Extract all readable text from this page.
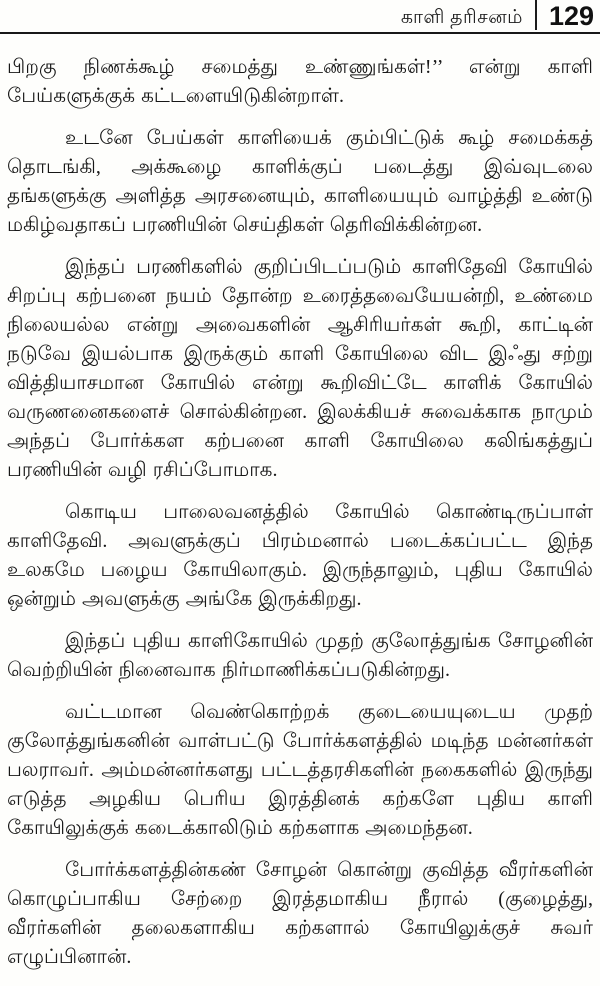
காளி தரிசனம் 129

பிறகு நிணக்கூழ் சமைத்து உண்ணுங்கள்!’’ என்று காளி பேய்களுக்குக் கட்டளையிடுகின்றாள்.

உடனே பேய்கள் காளியைக் கும்பிட்டுக் கூழ் சமைக்கத் தொடங்கி, அக்கூழை காளிக்குப் படைத்து இவ்வுடலை தங்களுக்கு அளித்த அரசனையும், காளியையும் வாழ்த்தி உண்டு மகிழ்வதாகப் பரணியின் செய்திகள் தெரிவிக்கின்றன.

இந்தப் பரணிகளில் குறிப்பிடப்படும் காளிதேவி கோயில் சிறப்பு கற்பனை நயம் தோன்ற உரைத்தவையேயன்றி, உண்மை நிலையல்ல என்று அவைகளின் ஆசிரியர்கள் கூறி, காட்டின் நடுவே இயல்பாக இருக்கும் காளி கோயிலை விட இஃது சற்று வித்தியாசமான கோயில் என்று கூறிவிட்டே காளிக் கோயில் வருணனைகளைச் சொல்கின்றன. இலக்கியச் சுவைக்காக நாமும் அந்தப் போர்க்கள கற்பனை காளி கோயிலை கலிங்கத்துப் பரணியின் வழி ரசிப்போமாக.

கொடிய பாலைவனத்தில் கோயில் கொண்டிருப்பாள் காளிதேவி. அவளுக்குப் பிரம்மனால் படைக்கப்பட்ட இந்த உலகமே பழைய கோயிலாகும். இருந்தாலும், புதிய கோயில் ஒன்றும் அவளுக்கு அங்கே இருக்கிறது.

இந்தப் புதிய காளிகோயில் முதற் குலோத்துங்க சோழனின் வெற்றியின் நினைவாக நிர்மாணிக்கப்படுகின்றது.

வட்டமான வெண்கொற்றக் குடையையுடைய முதற் குலோத்துங்கனின் வாள்பட்டு போர்க்களத்தில் மடிந்த மன்னர்கள் பலராவர். அம்மன்னர்களது பட்டத்தரசிகளின் நகைகளில் இருந்து எடுத்த அழகிய பெரிய இரத்தினக் கற்களே புதிய காளி கோயிலுக்குக் கடைக்காலிடும் கற்களாக அமைந்தன.

போர்க்களத்தின்கண் சோழன் கொன்று குவித்த வீரர்களின் கொழுப்பாகிய சேற்றை இரத்தமாகிய நீரால் (குழைத்து, வீரர்களின் தலைகளாகிய கற்களால் கோயிலுக்குச் சுவர் எழுப்பினான்.
